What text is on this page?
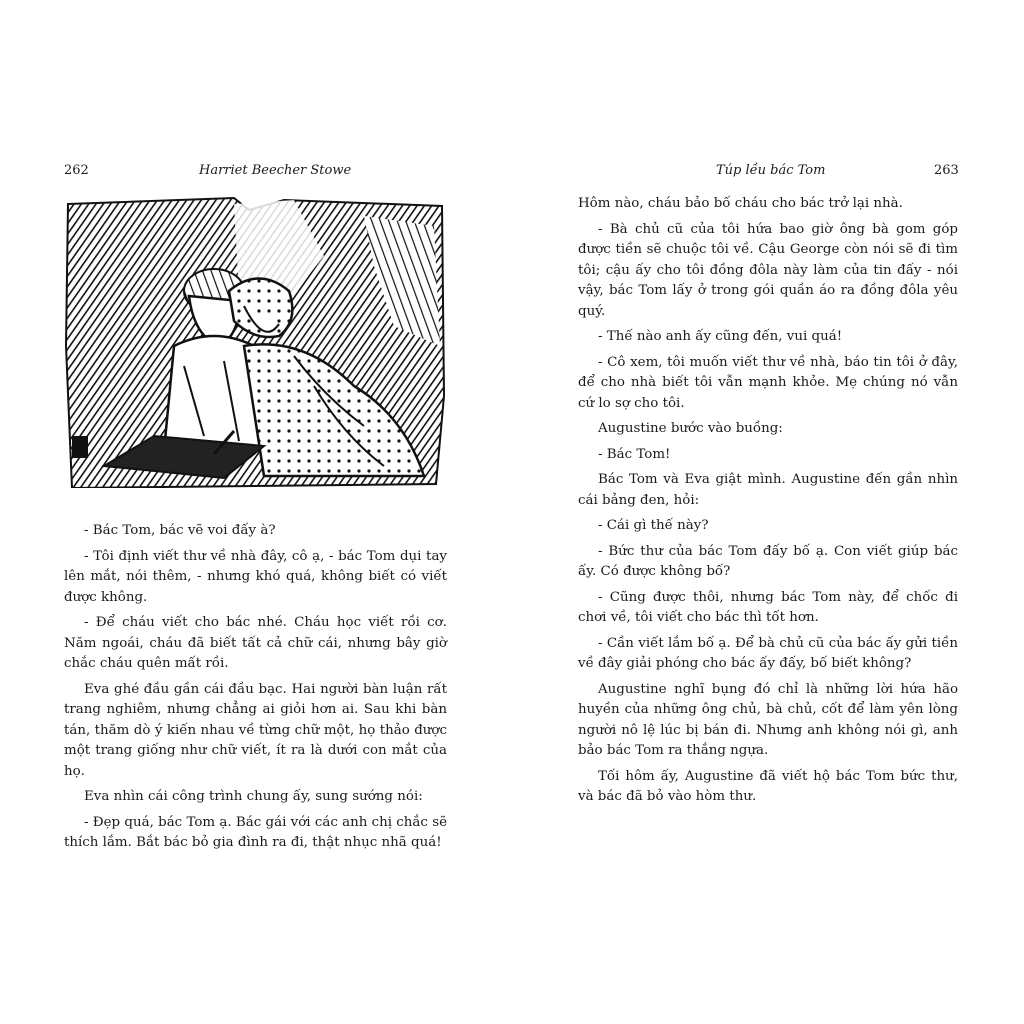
262	Harriet Beecher Stowe

- Bác Tom, bác vẽ voi đấy à?

- Tôi định viết thư về nhà đây, cô ạ, - bác Tom dụi tay lên mắt, nói thêm, - nhưng khó quá, không biết có viết được không.

- Để cháu viết cho bác nhé. Cháu học viết rồi cơ. Năm ngoái, cháu đã biết tất cả chữ cái, nhưng bây giờ chắc cháu quên mất rồi.

Eva ghé đầu gần cái đầu bạc. Hai người bàn luận rất trang nghiêm, nhưng chẳng ai giỏi hơn ai. Sau khi bàn tán, thăm dò ý kiến nhau về từng chữ một, họ thảo được một trang giống như chữ viết, ít ra là dưới con mắt của họ.

Eva nhìn cái công trình chung ấy, sung sướng nói:

- Đẹp quá, bác Tom ạ. Bác gái với các anh chị chắc sẽ thích lắm. Bắt bác bỏ gia đình ra đi, thật nhục nhã quá!

Túp lều bác Tom	263

Hôm nào, cháu bảo bố cháu cho bác trở lại nhà.

- Bà chủ cũ của tôi hứa bao giờ ông bà gom góp được tiền sẽ chuộc tôi về. Cậu George còn nói sẽ đi tìm tôi; cậu ấy cho tôi đồng đôla này làm của tin đấy - nói vậy, bác Tom lấy ở trong gói quần áo ra đồng đôla yêu quý.

- Thế nào anh ấy cũng đến, vui quá!

- Cô xem, tôi muốn viết thư về nhà, báo tin tôi ở đây, để cho nhà biết tôi vẫn mạnh khỏe. Mẹ chúng nó vẫn cứ lo sợ cho tôi.

Augustine bước vào buồng:

- Bác Tom!

Bác Tom và Eva giật mình. Augustine đến gần nhìn cái bảng đen, hỏi:

- Cái gì thế này?

- Bức thư của bác Tom đấy bố ạ. Con viết giúp bác ấy. Có được không bố?

- Cũng được thôi, nhưng bác Tom này, để chốc đi chơi về, tôi viết cho bác thì tốt hơn.

- Cần viết lắm bố ạ. Để bà chủ cũ của bác ấy gửi tiền về đây giải phóng cho bác ấy đấy, bố biết không?

Augustine nghĩ bụng đó chỉ là những lời hứa hão huyền của những ông chủ, bà chủ, cốt để làm yên lòng người nô lệ lúc bị bán đi. Nhưng anh không nói gì, anh bảo bác Tom ra thắng ngựa.

Tối hôm ấy, Augustine đã viết hộ bác Tom bức thư, và bác đã bỏ vào hòm thư.
